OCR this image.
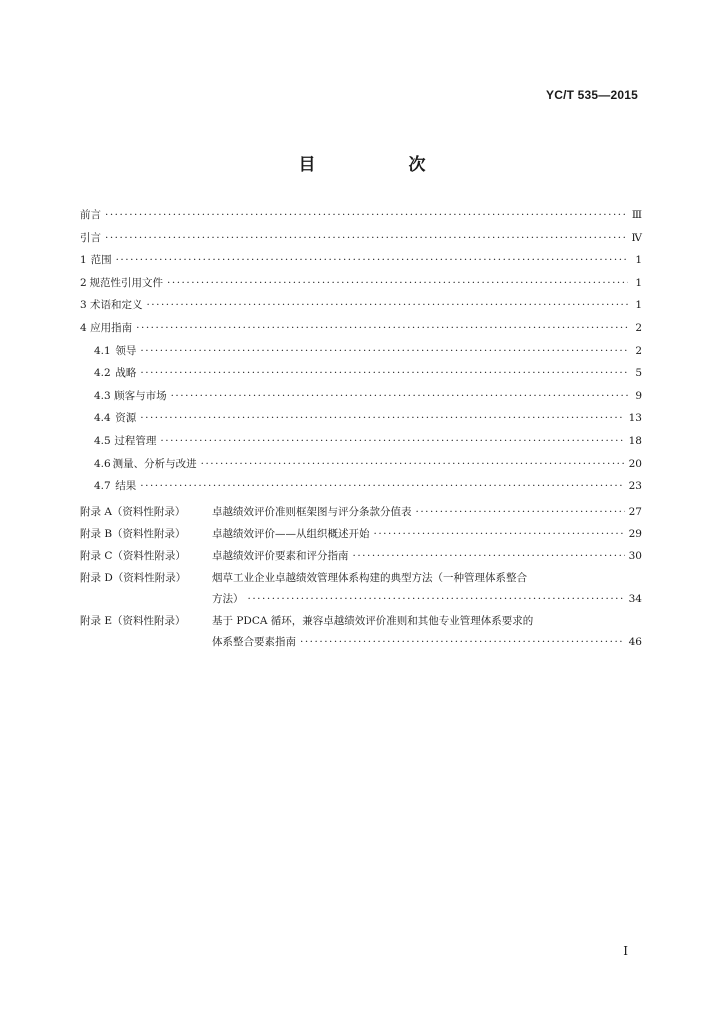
YC/T 535—2015
目　次
前言 ·····	Ⅲ
引言 ·····	Ⅳ
1 范围 ·····	1
2 规范性引用文件 ·····	1
3 术语和定义 ·····	1
4 应用指南 ·····	2
4.1 领导 ·····	2
4.2 战略 ·····	5
4.3 顾客与市场 ·····	9
4.4 资源 ·····	13
4.5 过程管理 ·····	18
4.6 测量、分析与改进 ·····	20
4.7 结果 ·····	23
附录 A（资料性附录）	卓越绩效评价准则框架图与评分条款分值表 ·····	27
附录 B（资料性附录）	卓越绩效评价——从组织概述开始 ·····	29
附录 C（资料性附录）	卓越绩效评价要素和评分指南 ·····	30
附录 D（资料性附录）	烟草工业企业卓越绩效管理体系构建的典型方法（一种管理体系整合
方法） ·····	34
附录 E（资料性附录）	基于 PDCA 循环，兼容卓越绩效评价准则和其他专业管理体系要求的
体系整合要素指南 ·····	46
Ⅰ
